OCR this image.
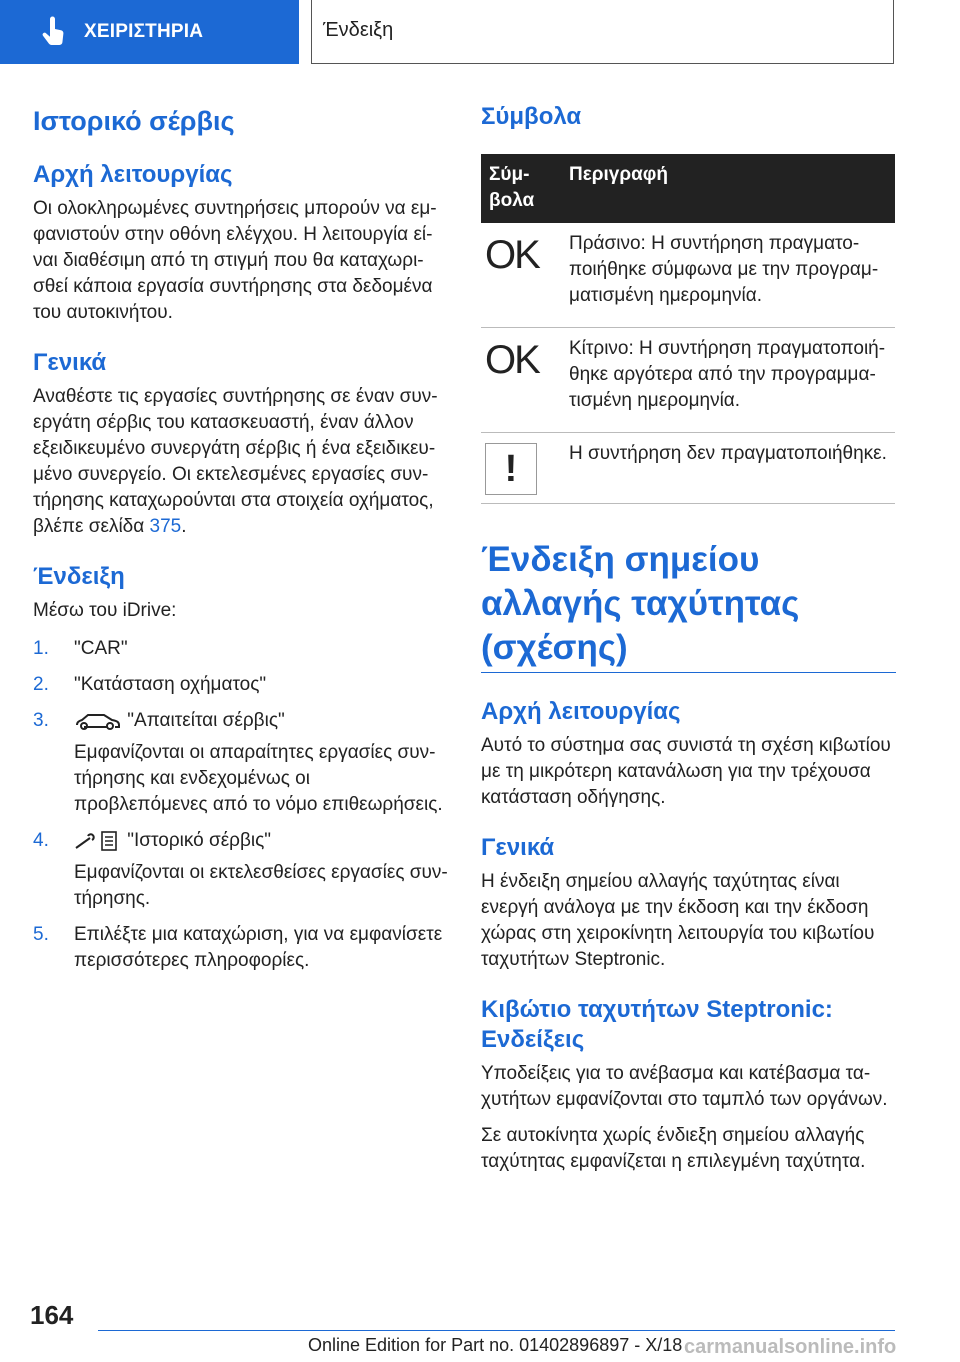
ΧΕΙΡΙΣΤΗΡΙΑ	Ένδειξη
Ιστορικό σέρβις
Αρχή λειτουργίας

Οι ολοκληρωμένες συντηρήσεις μπορούν να εμ- φανιστούν στην οθόνη ελέγχου. Η λειτουργία εί- ναι διαθέσιμη από τη στιγμή που θα καταχωρι- σθεί κάποια εργασία συντήρησης στα δεδομένα του αυτοκινήτου.

Γενικά

Αναθέστε τις εργασίες συντήρησης σε έναν συν- εργάτη σέρβις του κατασκευαστή, έναν άλλον εξειδικευμένο συνεργάτη σέρβις ή ένα εξειδικευ- μένο συνεργείο. Οι εκτελεσμένες εργασίες συν- τήρησης καταχωρούνται στα στοιχεία οχήματος, βλέπε σελίδα 375.

Ένδειξη

Μέσω του iDrive:

1. "CAR"
2. "Κατάσταση οχήματος"
3.	"Απαιτείται σέρβις"
Εμφανίζονται οι απαραίτητες εργασίες συν- τήρησης και ενδεχομένως οι προβλεπόμενες από το νόμο επιθεωρήσεις.
4.	"Ιστορικό σέρβις"
Εμφανίζονται οι εκτελεσθείσες εργασίες συν- τήρησης.
5. Επιλέξτε μια καταχώριση, για να εμφανίσετε περισσότερες πληροφορίες.
Σύμβολα
Σύμ- βολα	Περιγραφή
OK	Πράσινο: Η συντήρηση πραγματο- ποιήθηκε σύμφωνα με την προγραμ- ματισμένη ημερομηνία.
OK	Κίτρινο: Η συντήρηση πραγματοποιή- θηκε αργότερα από την προγραμμα- τισμένη ημερομηνία.

!	Η συντήρηση δεν πραγματοποιήθηκε.
Ένδειξη σημείου αλλαγής ταχύτητας (σχέσης)
Αρχή λειτουργίας

Αυτό το σύστημα σας συνιστά τη σχέση κιβωτίου με τη μικρότερη κατανάλωση για την τρέχουσα κατάσταση οδήγησης.

Γενικά

Η ένδειξη σημείου αλλαγής ταχύτητας είναι ενεργή ανάλογα με την έκδοση και την έκδοση χώρας στη χειροκίνητη λειτουργία του κιβωτίου ταχυτήτων Steptronic.

Κιβώτιο ταχυτήτων Steptronic: Ενδείξεις

Υποδείξεις για το ανέβασμα και κατέβασμα τα- χυτήτων εμφανίζονται στο ταμπλό των οργάνων.

Σε αυτοκίνητα χωρίς ένδιεξη σημείου αλλαγής ταχύτητας εμφανίζεται η επιλεγμένη ταχύτητα.

164
Online Edition for Part no. 01402896897 - X/18 carmanualsonline.info
